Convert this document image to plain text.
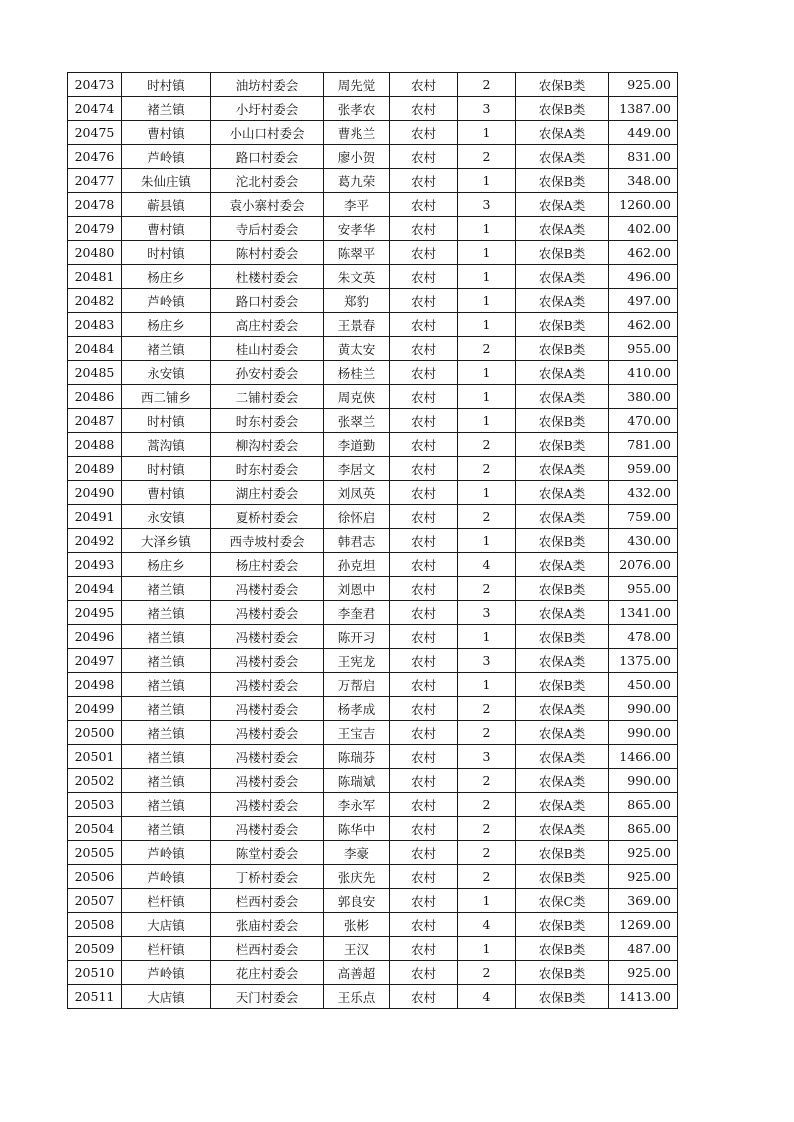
20473	时村镇	油坊村委会	周先觉	农村	2	农保B类	925.00
20474	褚兰镇	小圩村委会	张孝农	农村	3	农保B类	1387.00
20475	曹村镇	小山口村委会	曹兆兰	农村	1	农保A类	449.00
20476	芦岭镇	路口村委会	廖小贺	农村	2	农保A类	831.00
20477	朱仙庄镇	沱北村委会	葛九荣	农村	1	农保B类	348.00
20478	蕲县镇	袁小寨村委会	李平	农村	3	农保A类	1260.00
20479	曹村镇	寺后村委会	安孝华	农村	1	农保A类	402.00
20480	时村镇	陈村村委会	陈翠平	农村	1	农保B类	462.00
20481	杨庄乡	杜楼村委会	朱文英	农村	1	农保A类	496.00
20482	芦岭镇	路口村委会	郑豹	农村	1	农保A类	497.00
20483	杨庄乡	高庄村委会	王景春	农村	1	农保B类	462.00
20484	褚兰镇	桂山村委会	黄太安	农村	2	农保B类	955.00
20485	永安镇	孙安村委会	杨桂兰	农村	1	农保A类	410.00
20486	西二铺乡	二铺村委会	周克俠	农村	1	农保A类	380.00
20487	时村镇	时东村委会	张翠兰	农村	1	农保B类	470.00
20488	蒿沟镇	柳沟村委会	李道勤	农村	2	农保B类	781.00
20489	时村镇	时东村委会	李居文	农村	2	农保A类	959.00
20490	曹村镇	湖庄村委会	刘凤英	农村	1	农保A类	432.00
20491	永安镇	夏桥村委会	徐怀启	农村	2	农保A类	759.00
20492	大泽乡镇	西寺坡村委会	韩君志	农村	1	农保B类	430.00
20493	杨庄乡	杨庄村委会	孙克坦	农村	4	农保A类	2076.00
20494	褚兰镇	冯楼村委会	刘恩中	农村	2	农保B类	955.00
20495	褚兰镇	冯楼村委会	李奎君	农村	3	农保A类	1341.00
20496	褚兰镇	冯楼村委会	陈开习	农村	1	农保B类	478.00
20497	褚兰镇	冯楼村委会	王宪龙	农村	3	农保A类	1375.00
20498	褚兰镇	冯楼村委会	万帮启	农村	1	农保B类	450.00
20499	褚兰镇	冯楼村委会	杨孝成	农村	2	农保A类	990.00
20500	褚兰镇	冯楼村委会	王宝吉	农村	2	农保A类	990.00
20501	褚兰镇	冯楼村委会	陈瑞芬	农村	3	农保A类	1466.00
20502	褚兰镇	冯楼村委会	陈瑞斌	农村	2	农保A类	990.00
20503	褚兰镇	冯楼村委会	李永军	农村	2	农保A类	865.00
20504	褚兰镇	冯楼村委会	陈华中	农村	2	农保A类	865.00
20505	芦岭镇	陈堂村委会	李豪	农村	2	农保B类	925.00
20506	芦岭镇	丁桥村委会	张庆先	农村	2	农保B类	925.00
20507	栏杆镇	栏西村委会	郭良安	农村	1	农保C类	369.00
20508	大店镇	张庙村委会	张彬	农村	4	农保B类	1269.00
20509	栏杆镇	栏西村委会	王汉	农村	1	农保B类	487.00
20510	芦岭镇	花庄村委会	高善超	农村	2	农保B类	925.00
20511	大店镇	天门村委会	王乐点	农村	4	农保B类	1413.00
